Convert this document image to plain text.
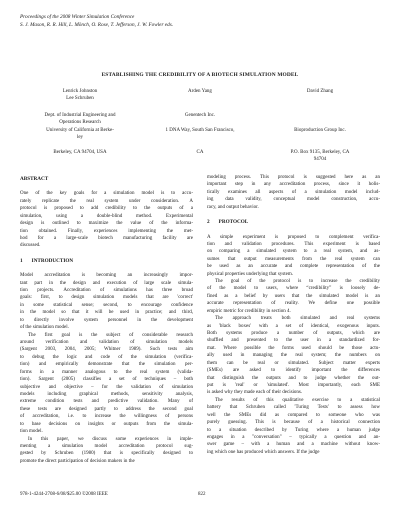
Proceedings of the 2008 Winter Simulation Conference
S. J. Mason, R. R. Hill, L. Mönch, O. Rose, T. Jefferson, J. W. Fowler eds.
ESTABLISHING THE CREDIBILITY OF A BIOTECH SIMULATION MODEL
Lenrick Johnston
Lee Schruben
Arden Yang	David Zhang
Dept. of Industrial Engineering and
Operations Research
University of California at Berke-
ley

Berkeley, CA 94704, USA
Genentech Inc.

1 DNA Way, South San Francisco,

CA

Bioproduction Group Inc.

P.O. Box 9135, Berkeley, CA
94704
ABSTRACT
One of the key goals for a simulation model is to accu-
rately replicate the real system under consideration. A
protocol is proposed to add credibility to the outputs of a
simulation, using a double-blind method. Experimental
design is outlined to maximize the value of the informa-
tion obtained. Finally, experiences implementing the met-
hod for a large-scale biotech manufacturing facility are
discussed.
1       INTRODUCTION
Model accreditation is becoming an increasingly impor-
tant part in the design and execution of large scale simula-
tion projects. Accreditation of simulations has three broad
goals: first, to design simulation models that are 'correct'
in some statistical sense; second, to encourage confidence
in the model so that it will be used in practice; and third,
to directly involve system personnel in the development
of the simulation model.
The first goal is the subject of considerable research
around verification and validation of simulation models
(Sargent 2003, 2004, 2005; Whitner 1989). Such tests aim
to debug the logic and code of the simulation (verifica-
tion) and empirically demonstrate that the simulation per-
forms in a manner analogous to the real system (valida-
tion). Sargent (2005) classifies a set of techniques – both
subjective and objective – for the validation of simulation
models including graphical methods, sensitivity analysis,
extreme condition tests and predictive validation. Many of
these tests are designed partly to address the second goal
of accreditation, i.e. to increase the willingness of persons
to base decisions on insights or outputs from the simula-
tion model.
In this paper, we discuss some experiences in imple-
menting a simulation model accreditation protocol sug-
gested by Schruben (1980) that is specifically designed to
promote the direct participation of decision makers in the
modeling process. This protocol is suggested here as an
important step in any accreditation process, since it holis-
tically examines all aspects of a simulation model includ-
ing data validity, conceptual model construction, accu-
racy, and output behavior.
2       PROTOCOL
A simple experiment is proposed to complement verifica-
tion and validation procedures. This experiment is based
on comparing a simulated system to a real system, and as-
sumes that output measurements from the real system can
be used as an accurate and complete representation of the
physical properties underlying that system.
The goal of the protocol is to increase the credibility
of the model to users, where “credibility” is loosely de-
fined as a belief by users that the simulated model is an
accurate representation of reality. We define one possible
empiric metric for credibility in section 4.
The approach treats both simulated and real systems
as 'black boxes' with a set of identical, exogenous inputs.
Both systems produce a number of outputs, which are
shuffled and presented to the user in a standardized for-
mat. Where possible the forms used should be those actu-
ally used in managing the real system; the numbers on
them can be real or simulated. Subject matter experts
(SMEs) are asked to identify important the differences
that distinguish the outputs and to judge whether the out-
put is 'real' or 'simulated'. Most importantly, each SME
is asked why they made each of their decisions.
The results of this qualitative exercise to a statistical
battery that Schruben called 'Turing Tests' to assess how
well the SMEs did as compared to someone who was
purely guessing. This is because of a historical connection
to a situation described by Turing where a human judge
engages in a "conversation" – typically a question and an-
swer game – with a human and a machine without know-
ing which one has produced which answers. If the judge
978-1-4244-2708-6/08/$25.00 ©2008 IEEE	822
